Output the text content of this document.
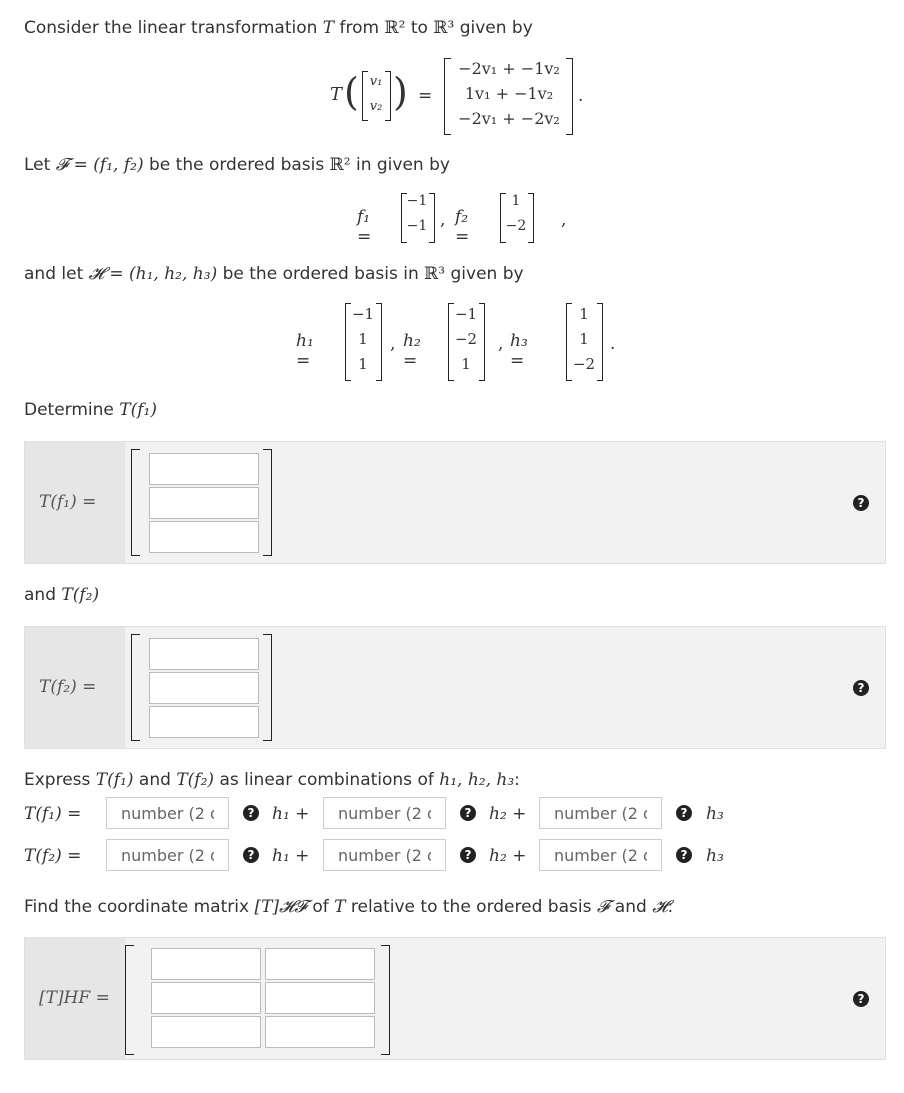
Consider the linear transformation T from ℝ² to ℝ³ given by
T ( v₁
v₂ ) =
−2v₁ + −1v₂
1v₁ + −1v₂
−2v₁ + −2v₂
.
Let 𝓕 = (f₁, f₂) be the ordered basis ℝ² in given by
f₁ =
−1
−1 , f₂ =
1
−2 ,
and let 𝓗 = (h₁, h₂, h₃) be the ordered basis in ℝ³ given by
h₁ =
−1
1
1
, h₂ =
−1
−2
1
, h₃ =
1
1
−2
.
Determine T(f₁)
T(f₁) =	?
and T(f₂)
T(f₂) =	?
Express T(f₁) and T(f₂) as linear combinations of h₁, h₂, h₃:
T(f₁) =
number (2 decimal places)	? h₁ +
number (2 decimal places)	? h₂ +
number (2 decimal places)	? h₃
T(f₂) =
number (2 decimal places)	? h₁ +
number (2 decimal places)	? h₂ +
number (2 decimal places)	? h₃
Find the coordinate matrix [T]𝓗𝓕 of T relative to the ordered basis 𝓕 and 𝓗:
[T]HF =	?
